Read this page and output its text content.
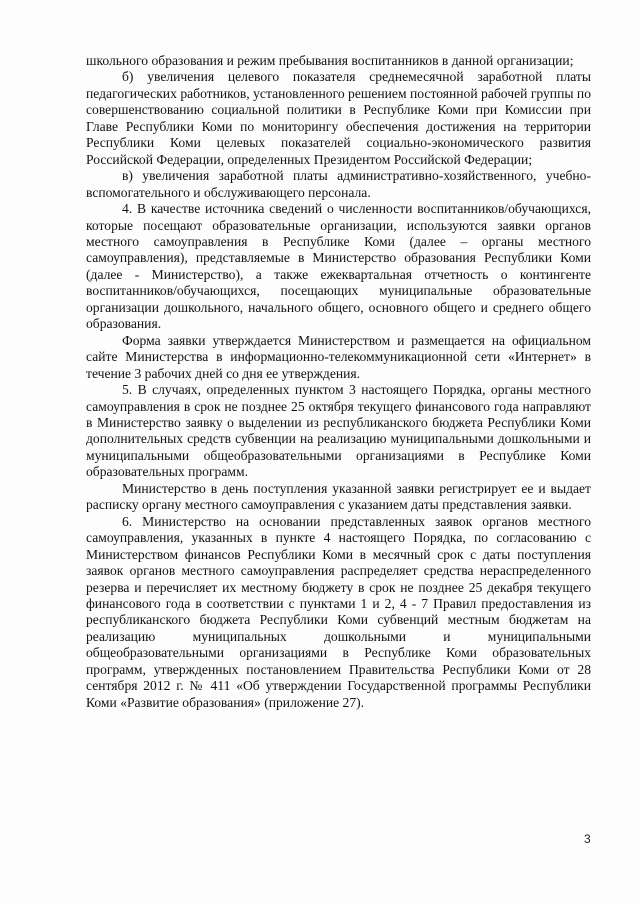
школьного образования и режим пребывания воспитанников в данной организации;

б) увеличения целевого показателя среднемесячной заработной платы педагогических работников, установленного решением постоянной рабочей группы по совершенствованию социальной политики в Республике Коми при Комиссии при Главе Республики Коми по мониторингу обеспечения достижения на территории Республики Коми целевых показателей социально-экономического развития Российской Федерации, определенных Президентом Российской Федерации;

в) увеличения заработной платы административно-хозяйственного, учебно-вспомогательного и обслуживающего персонала.

4. В качестве источника сведений о численности воспитанников/обучающихся, которые посещают образовательные организации, используются заявки органов местного самоуправления в Республике Коми (далее – органы местного самоуправления), представляемые в Министерство образования Республики Коми (далее - Министерство), а также ежеквартальная отчетность о контингенте воспитанников/обучающихся, посещающих муниципальные образовательные организации дошкольного, начального общего, основного общего и среднего общего образования.

Форма заявки утверждается Министерством и размещается на официальном сайте Министерства в информационно-телекоммуникационной сети «Интернет» в течение 3 рабочих дней со дня ее утверждения.

5. В случаях, определенных пунктом 3 настоящего Порядка, органы местного самоуправления в срок не позднее 25 октября текущего финансового года направляют в Министерство заявку о выделении из республиканского бюджета Республики Коми дополнительных средств субвенции на реализацию муниципальными дошкольными и муниципальными общеобразовательными организациями в Республике Коми образовательных программ.

Министерство в день поступления указанной заявки регистрирует ее и выдает расписку органу местного самоуправления с указанием даты представления заявки.

6. Министерство на основании представленных заявок органов местного самоуправления, указанных в пункте 4 настоящего Порядка, по согласованию с Министерством финансов Республики Коми в месячный срок с даты поступления заявок органов местного самоуправления распределяет средства нераспределенного резерва и перечисляет их местному бюджету в срок не позднее 25 декабря текущего финансового года в соответствии с пунктами 1 и 2, 4 - 7 Правил предоставления из республиканского бюджета Республики Коми субвенций местным бюджетам на реализацию муниципальных дошкольными и муниципальными общеобразовательными организациями в Республике Коми образовательных программ, утвержденных постановлением Правительства Республики Коми от 28 сентября 2012 г. № 411 «Об утверждении Государственной программы Республики Коми «Развитие образования» (приложение 27).

3
